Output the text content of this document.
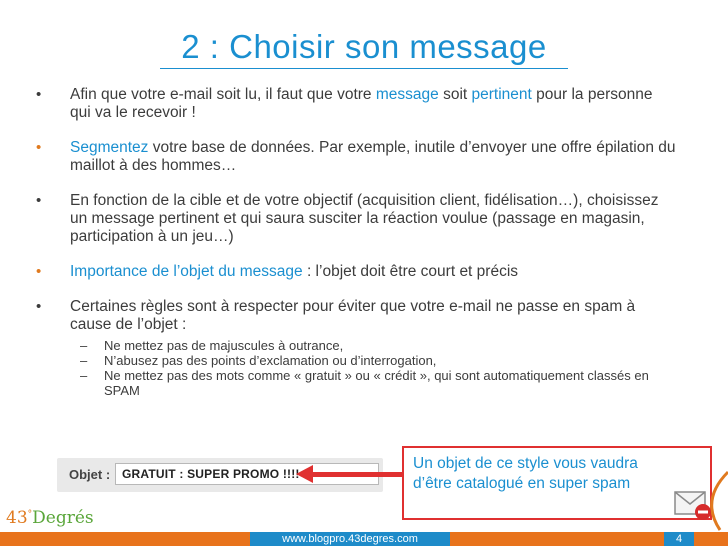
2 : Choisir son message
• Afin que votre e-mail soit lu, il faut que votre message soit pertinent pour la personne qui va le recevoir !
• Segmentez votre base de données. Par exemple, inutile d’envoyer une offre épilation du maillot à des hommes…
• En fonction de la cible et de votre objectif (acquisition client, fidélisation…), choisissez un message pertinent et qui saura susciter la réaction voulue (passage en magasin, participation à un jeu…)
• Importance de l’objet du message : l’objet doit être court et précis
• Certaines règles sont à respecter pour éviter que votre e-mail ne passe en spam à cause de l’objet :
– Ne mettez pas de majuscules à outrance,
– N’abusez pas des points d’exclamation ou d’interrogation,
– Ne mettez pas des mots comme « gratuit » ou « crédit », qui sont automatiquement classés en SPAM
Objet : GRATUIT : SUPER PROMO !!!!
Un objet de ce style vous vaudra d’être catalogué en super spam
43°Degrés
www.blogpro.43degres.com	4
